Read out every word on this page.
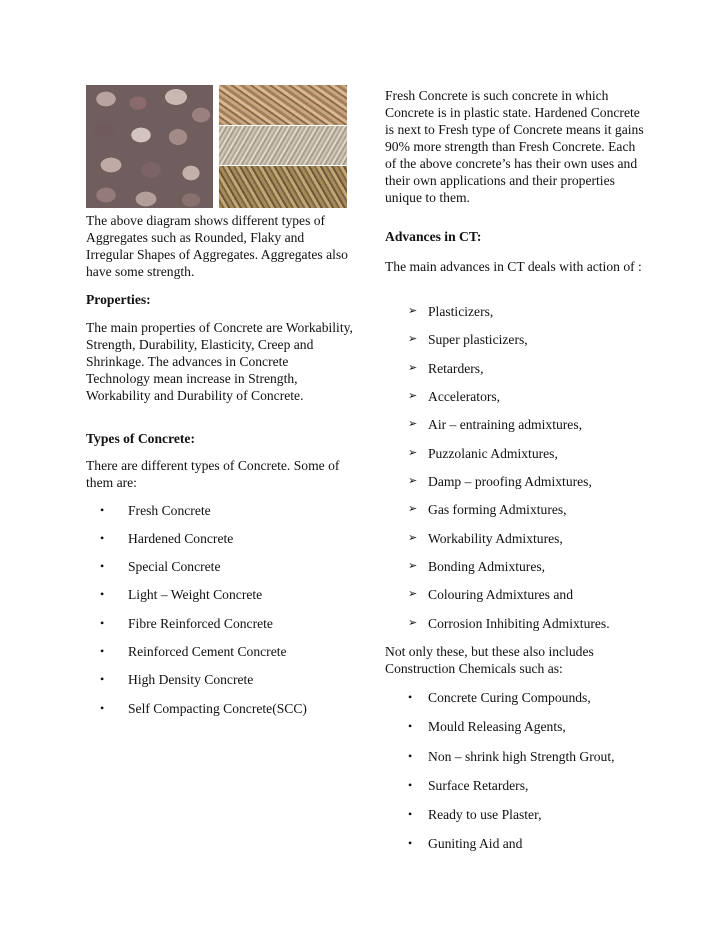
The above diagram shows different types of Aggregates such as Rounded, Flaky and Irregular Shapes of Aggregates. Aggregates also have some strength.

Properties:

The main properties of Concrete are Workability, Strength, Durability, Elasticity, Creep and Shrinkage. The advances in Concrete Technology mean increase in Strength, Workability and Durability of Concrete.

Types of Concrete:

There are different types of Concrete. Some of them are:

• Fresh Concrete
• Hardened Concrete
• Special Concrete
• Light – Weight Concrete
• Fibre Reinforced Concrete
• Reinforced Cement Concrete
• High Density Concrete
• Self Compacting Concrete(SCC)

Fresh Concrete is such concrete in which Concrete is in plastic state. Hardened Concrete is next to Fresh type of Concrete means it gains 90% more strength than Fresh Concrete. Each of the above concrete’s has their own uses and their own applications and their properties unique to them.

Advances in CT:

The main advances in CT deals with action of :

➢ Plasticizers,
➢ Super plasticizers,
➢ Retarders,
➢ Accelerators,
➢ Air – entraining admixtures,
➢ Puzzolanic Admixtures,
➢ Damp – proofing Admixtures,
➢ Gas forming Admixtures,
➢ Workability Admixtures,
➢ Bonding Admixtures,
➢ Colouring Admixtures and
➢ Corrosion Inhibiting Admixtures.

Not only these, but these also includes Construction Chemicals such as:

• Concrete Curing Compounds,
• Mould Releasing Agents,
• Non – shrink high Strength Grout,
• Surface Retarders,
• Ready to use Plaster,
• Guniting Aid and
